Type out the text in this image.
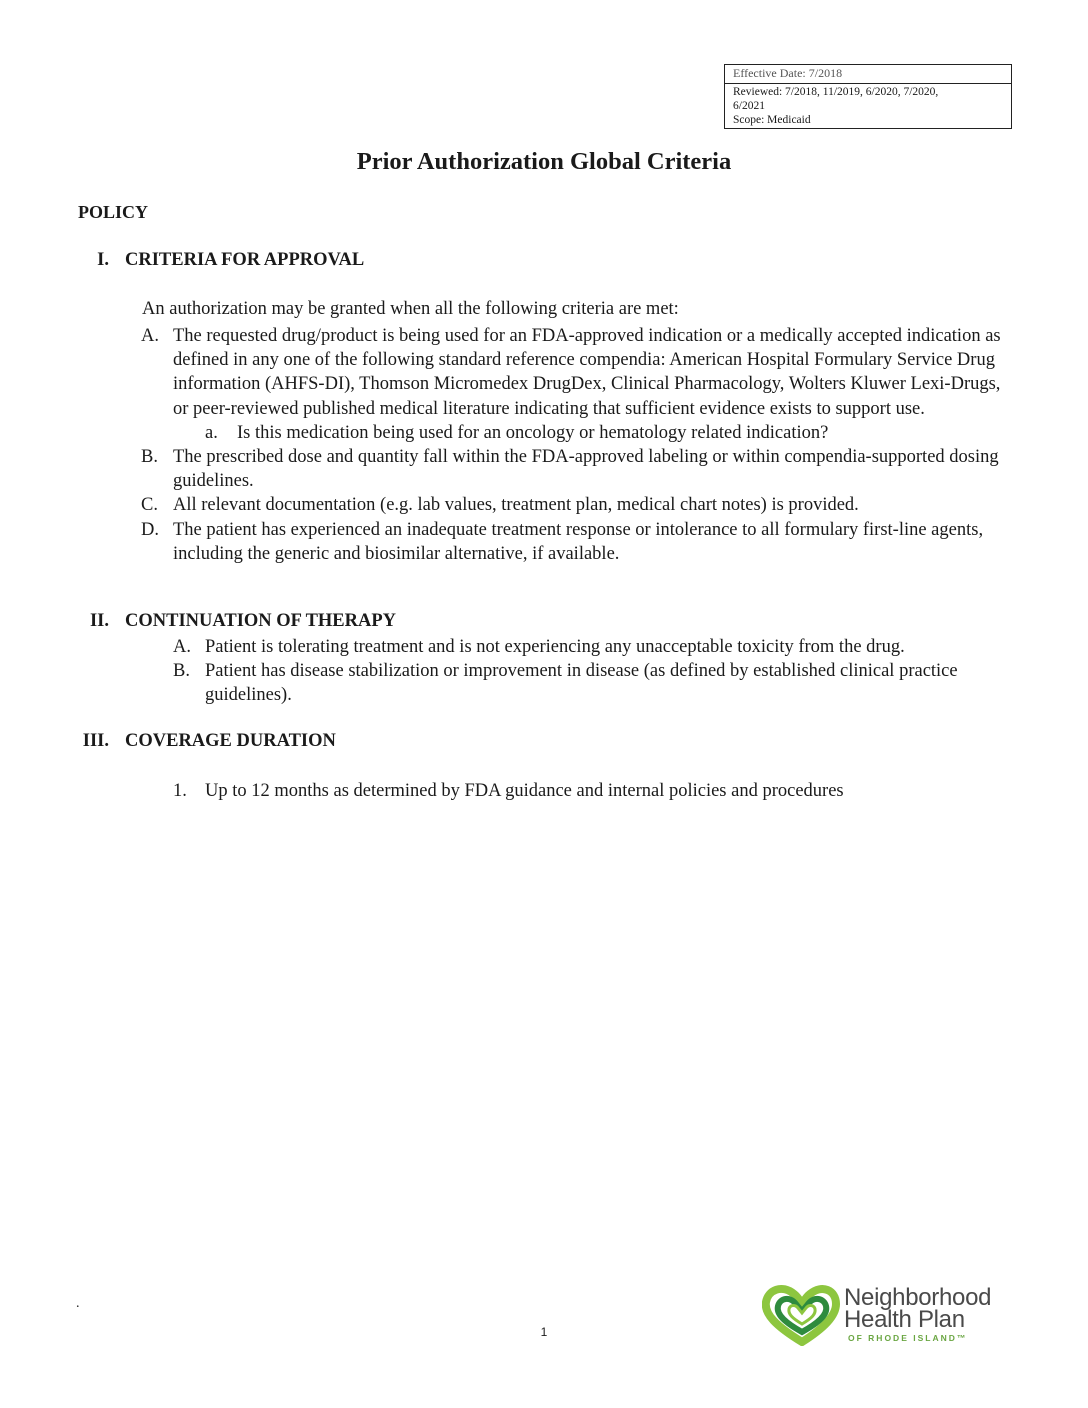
Effective Date: 7/2018
Reviewed: 7/2018, 11/2019, 6/2020, 7/2020,
6/2021
Scope: Medicaid
Prior Authorization Global Criteria
POLICY
I. CRITERIA FOR APPROVAL
An authorization may be granted when all the following criteria are met:
A. The requested drug/product is being used for an FDA-approved indication or a medically accepted indication as defined in any one of the following standard reference compendia: American Hospital Formulary Service Drug information (AHFS-DI), Thomson Micromedex DrugDex, Clinical Pharmacology, Wolters Kluwer Lexi-Drugs, or peer-reviewed published medical literature indicating that sufficient evidence exists to support use.
a. Is this medication being used for an oncology or hematology related indication?
B. The prescribed dose and quantity fall within the FDA-approved labeling or within compendia-supported dosing guidelines.
C. All relevant documentation (e.g. lab values, treatment plan, medical chart notes) is provided.
D. The patient has experienced an inadequate treatment response or intolerance to all formulary first-line agents, including the generic and biosimilar alternative, if available.
II. CONTINUATION OF THERAPY
A. Patient is tolerating treatment and is not experiencing any unacceptable toxicity from the drug.
B. Patient has disease stabilization or improvement in disease (as defined by established clinical practice guidelines).
III. COVERAGE DURATION
1. Up to 12 months as determined by FDA guidance and internal policies and procedures
.
1
Neighborhood
Health Plan
OF RHODE ISLAND™
